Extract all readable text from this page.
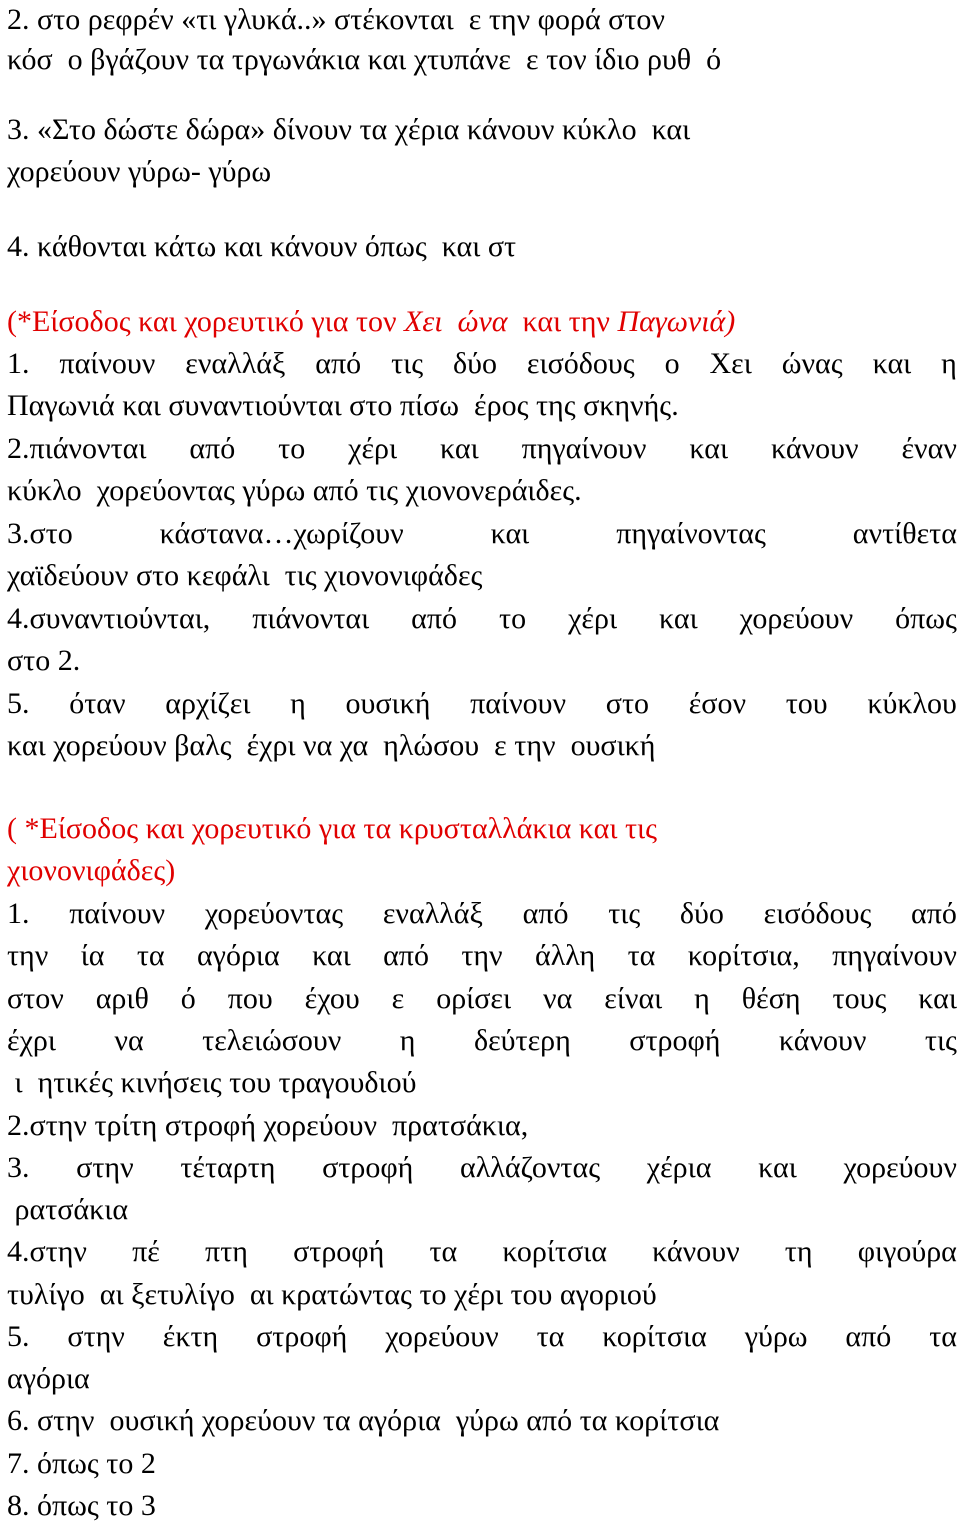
2. στο ρεφρέν «τι γλυκά..» στέκονται  ε την φορά στον

κόσ  ο βγάζουν τα τργωνάκια και χτυπάνε  ε τον ίδιο ρυθ  ό

3. «Στο δώστε δώρα» δίνουν τα χέρια κάνουν κύκλο  και

χορεύουν γύρω- γύρω

4. κάθονται κάτω και κάνουν όπως  και στ

(*Είσοδος και χορευτικό για τον Χει  ώνα  και την Παγωνιά)

1. παίνουν εναλλάξ από τις δύο εισόδους ο Χει ώνας και η

Παγωνιά και συναντιούνται στο πίσω  έρος της σκηνής.

2.πιάνονται από το χέρι και πηγαίνουν και κάνουν έναν

κύκλο  χορεύοντας γύρω από τις χιονονεράιδες.

3.στο	κάστανα…χωρίζουν	και	πηγαίνοντας	αντίθετα

χαϊδεύουν στο κεφάλι  τις χιονονιφάδες

4.συναντιούνται, πιάνονται από το χέρι και χορεύουν όπως

στο 2.

5. όταν αρχίζει η ουσική παίνουν στο έσον του κύκλου

και χορεύουν βαλς  έχρι να χα  ηλώσου  ε την  ουσική

( *Είσοδος και χορευτικό για τα κρυσταλλάκια και τις

χιονονιφάδες)

1. παίνουν χορεύοντας εναλλάξ από τις δύο εισόδους από
την ία τα αγόρια και από την άλλη τα κορίτσια, πηγαίνουν
στον αριθ ό που έχου ε ορίσει να είναι η θέση τους και
έχρι να τελειώσουν η δεύτερη στροφή κάνουν τις

ι  ητικές κινήσεις του τραγουδιού

2.στην τρίτη στροφή χορεύουν  πρατσάκια,

3. στην τέταρτη στροφή αλλάζοντας χέρια και χορεύουν

ρατσάκια

4.στην πέ πτη στροφή τα κορίτσια κάνουν τη φιγούρα

τυλίγο  αι ξετυλίγο  αι κρατώντας το χέρι του αγοριού

5. στην έκτη στροφή χορεύουν τα κορίτσια γύρω από τα

αγόρια

6. στην  ουσική χορεύουν τα αγόρια  γύρω από τα κορίτσια

7. όπως το 2

8. όπως το 3
